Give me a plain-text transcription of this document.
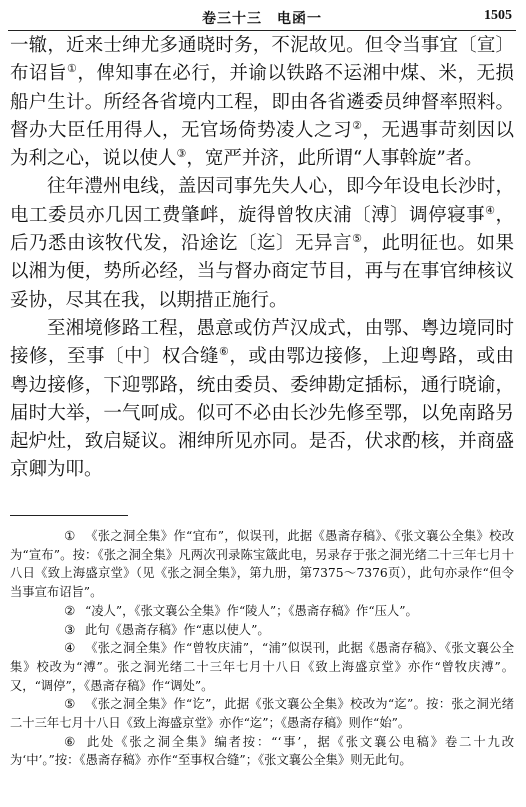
卷三十三　电函一	1505

一辙，近来士绅尤多通晓时务，不泥故见。但令当事宜〔宣〕布诏旨①，俾知事在必行，并谕以铁路不运湘中煤、米，无损船户生计。所经各省境内工程，即由各省遴委员绅督率照料。督办大臣任用得人，无官场倚势凌人之习②，无遇事苛刻因以为利之心，说以使人③，宽严并济，此所谓“人事斡旋”者。

往年澧州电线，盖因司事先失人心，即今年设电长沙时，电工委员亦几因工费肇衅，旋得曾牧庆浦〔溥〕调停寝事④，后乃悉由该牧代发，沿途讫〔迄〕无异言⑤，此明征也。如果以湘为便，势所必经，当与督办商定节目，再与在事官绅核议妥协，尽其在我，以期措正施行。

至湘境修路工程，愚意或仿芦汉成式，由鄂、粤边境同时接修，至事〔中〕权合缝⑥，或由鄂边接修，上迎粤路，或由粤边接修，下迎鄂路，统由委员、委绅勘定插标，通行晓谕，届时大举，一气呵成。似可不必由长沙先修至鄂，以免南路另起炉灶，致启疑议。湘绅所见亦同。是否，伏求酌核，并商盛京卿为叩。

① 《张之洞全集》作“宜布”，似误刊，此据《愚斋存稿》、《张文襄公全集》校改为“宣布”。按：《张之洞全集》凡两次刊录陈宝箴此电，另录存于张之洞光绪二十三年七月十八日《致上海盛京堂》（见《张之洞全集》，第九册，第7375～7376页），此句亦录作“但令当事宣布诏旨”。

② “凌人”，《张文襄公全集》作“陵人”；《愚斋存稿》作“压人”。

③ 此句《愚斋存稿》作“惠以使人”。

④ 《张之洞全集》作“曾牧庆浦”，“浦”似误刊，此据《愚斋存稿》、《张文襄公全集》校改为“溥”。张之洞光绪二十三年七月十八日《致上海盛京堂》亦作“曾牧庆溥”。又，“调停”，《愚斋存稿》作“调处”。

⑤ 《张之洞全集》作“讫”，此据《张文襄公全集》校改为“迄”。按：张之洞光绪二十三年七月十八日《致上海盛京堂》亦作“迄”；《愚斋存稿》则作“始”。

⑥ 此处《张之洞全集》编者按：“‘事’，据《张文襄公电稿》卷二十九改为‘中’。”按：《愚斋存稿》亦作“至事权合缝”；《张文襄公全集》则无此句。
